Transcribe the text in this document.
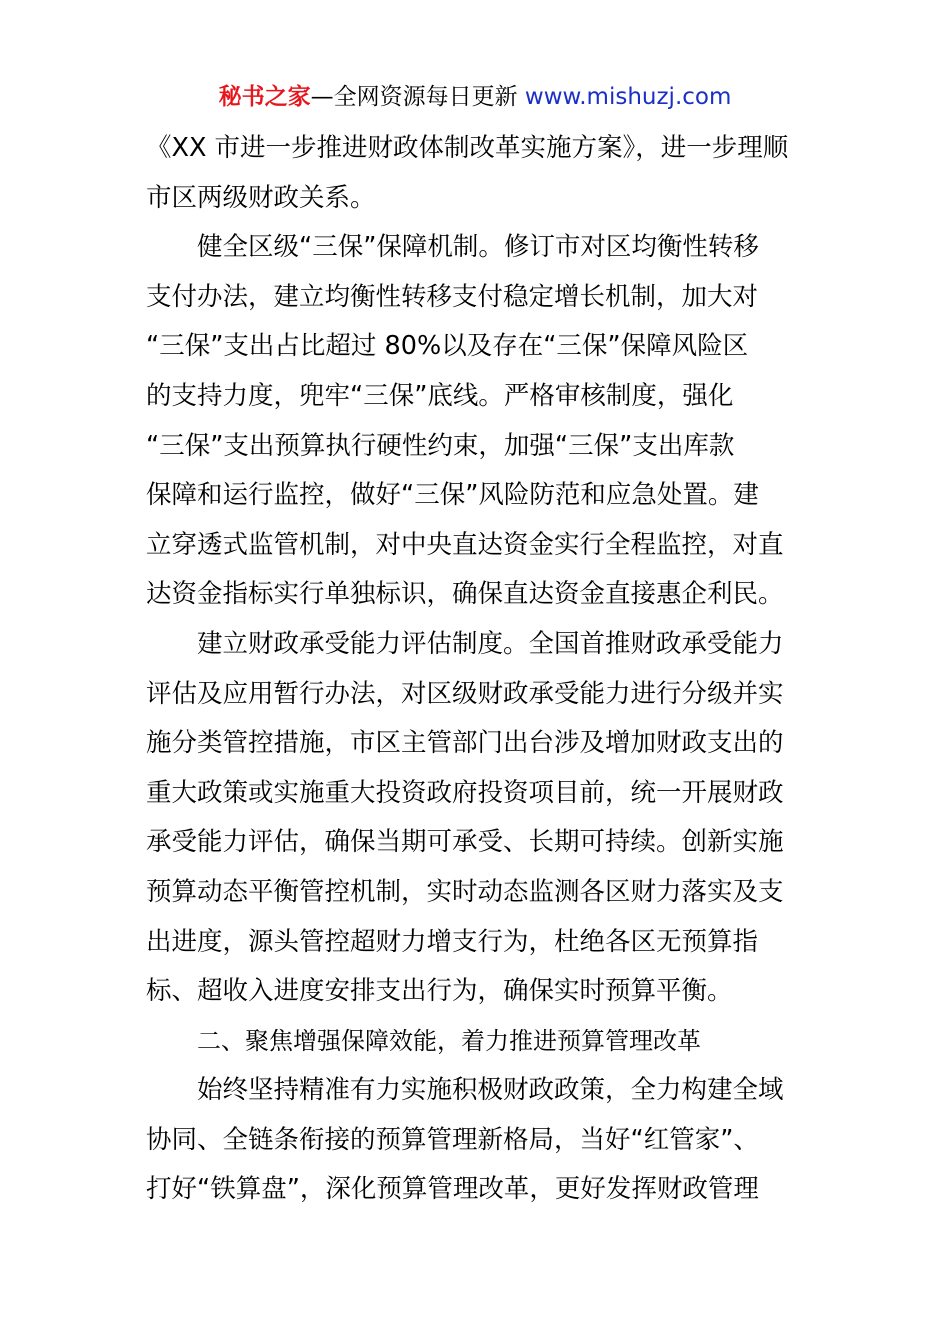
秘书之家—全网资源每日更新 www.mishuzj.com
《XX 市进一步推进财政体制改革实施方案》，进一步理顺
市区两级财政关系。
健全区级“三保”保障机制。修订市对区均衡性转移
支付办法，建立均衡性转移支付稳定增长机制，加大对
“三保”支出占比超过 80%以及存在“三保”保障风险区
的支持力度，兜牢“三保”底线。严格审核制度，强化
“三保”支出预算执行硬性约束，加强“三保”支出库款
保障和运行监控，做好“三保”风险防范和应急处置。建
立穿透式监管机制，对中央直达资金实行全程监控，对直
达资金指标实行单独标识，确保直达资金直接惠企利民。
建立财政承受能力评估制度。全国首推财政承受能力
评估及应用暂行办法，对区级财政承受能力进行分级并实
施分类管控措施，市区主管部门出台涉及增加财政支出的
重大政策或实施重大投资政府投资项目前，统一开展财政
承受能力评估，确保当期可承受、长期可持续。创新实施
预算动态平衡管控机制，实时动态监测各区财力落实及支
出进度，源头管控超财力增支行为，杜绝各区无预算指
标、超收入进度安排支出行为，确保实时预算平衡。
二、聚焦增强保障效能，着力推进预算管理改革
始终坚持精准有力实施积极财政政策，全力构建全域
协同、全链条衔接的预算管理新格局，当好“红管家”、
打好“铁算盘”，深化预算管理改革，更好发挥财政管理
